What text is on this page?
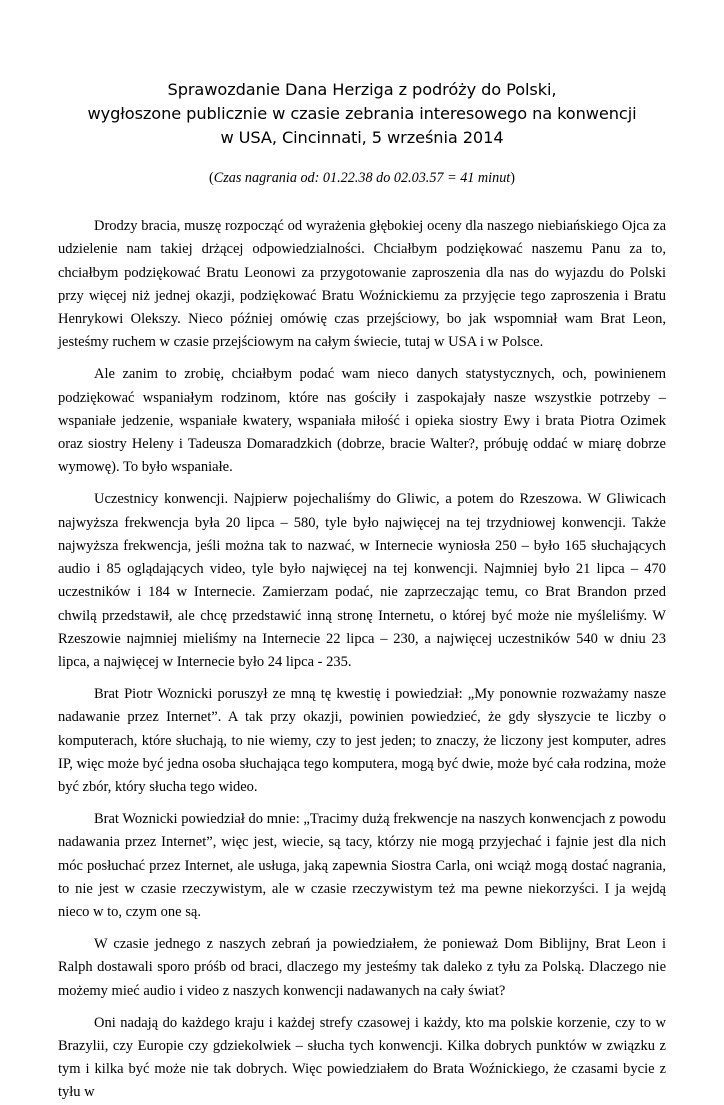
Sprawozdanie Dana Herziga z podróży do Polski,
wygłoszone publicznie w czasie zebrania interesowego na konwencji
w USA, Cincinnati, 5 września 2014
(Czas nagrania od: 01.22.38 do 02.03.57 = 41 minut)

Drodzy bracia, muszę rozpocząć od wyrażenia głębokiej oceny dla naszego niebiańskiego Ojca za udzielenie nam takiej drżącej odpowiedzialności. Chciałbym podziękować naszemu Panu za to, chciałbym podziękować Bratu Leonowi za przygotowanie zaproszenia dla nas do wyjazdu do Polski przy więcej niż jednej okazji, podziękować Bratu Woźnickiemu za przyjęcie tego zaproszenia i Bratu Henrykowi Olekszy. Nieco później omówię czas przejściowy, bo jak wspomniał wam Brat Leon, jesteśmy ruchem w czasie przejściowym na całym świecie, tutaj w USA i w Polsce.

Ale zanim to zrobię, chciałbym podać wam nieco danych statystycznych, och, powinienem podziękować wspaniałym rodzinom, które nas gościły i zaspokajały nasze wszystkie potrzeby – wspaniałe jedzenie, wspaniałe kwatery, wspaniała miłość i opieka siostry Ewy i brata Piotra Ozimek oraz siostry Heleny i Tadeusza Domaradzkich (dobrze, bracie Walter?, próbuję oddać w miarę dobrze wymowę). To było wspaniałe.

Uczestnicy konwencji. Najpierw pojechaliśmy do Gliwic, a potem do Rzeszowa. W Gliwicach najwyższa frekwencja była 20 lipca – 580, tyle było najwięcej na tej trzydniowej konwencji. Także najwyższa frekwencja, jeśli można tak to nazwać, w Internecie wyniosła 250 – było 165 słuchających audio i 85 oglądających video, tyle było najwięcej na tej konwencji. Najmniej było 21 lipca – 470 uczestników i 184 w Internecie. Zamierzam podać, nie zaprzeczając temu, co Brat Brandon przed chwilą przedstawił, ale chcę przedstawić inną stronę Internetu, o której być może nie myśleliśmy. W Rzeszowie najmniej mieliśmy na Internecie 22 lipca – 230, a najwięcej uczestników 540 w dniu 23 lipca, a najwięcej w Internecie było 24 lipca - 235.

Brat Piotr Woznicki poruszył ze mną tę kwestię i powiedział: „My ponownie rozważamy nasze nadawanie przez Internet”. A tak przy okazji, powinien powiedzieć, że gdy słyszycie te liczby o komputerach, które słuchają, to nie wiemy, czy to jest jeden; to znaczy, że liczony jest komputer, adres IP, więc może być jedna osoba słuchająca tego komputera, mogą być dwie, może być cała rodzina, może być zbór, który słucha tego wideo.

Brat Woznicki powiedział do mnie: „Tracimy dużą frekwencje na naszych konwencjach z powodu nadawania przez Internet”, więc jest, wiecie, są tacy, którzy nie mogą przyjechać i fajnie jest dla nich móc posłuchać przez Internet, ale usługa, jaką zapewnia Siostra Carla, oni wciąż mogą dostać nagrania, to nie jest w czasie rzeczywistym, ale w czasie rzeczywistym też ma pewne niekorzyści. I ja wejdą nieco w to, czym one są.

W czasie jednego z naszych zebrań ja powiedziałem, że ponieważ Dom Biblijny, Brat Leon i Ralph dostawali sporo próśb od braci, dlaczego my jesteśmy tak daleko z tyłu za Polską. Dlaczego nie możemy mieć audio i video z naszych konwencji nadawanych na cały świat?

Oni nadają do każdego kraju i każdej strefy czasowej i każdy, kto ma polskie korzenie, czy to w Brazylii, czy Europie czy gdziekolwiek – słucha tych konwencji. Kilka dobrych punktów w związku z tym i kilka być może nie tak dobrych. Więc powiedziałem do Brata Woźnickiego, że czasami bycie z tyłu w
